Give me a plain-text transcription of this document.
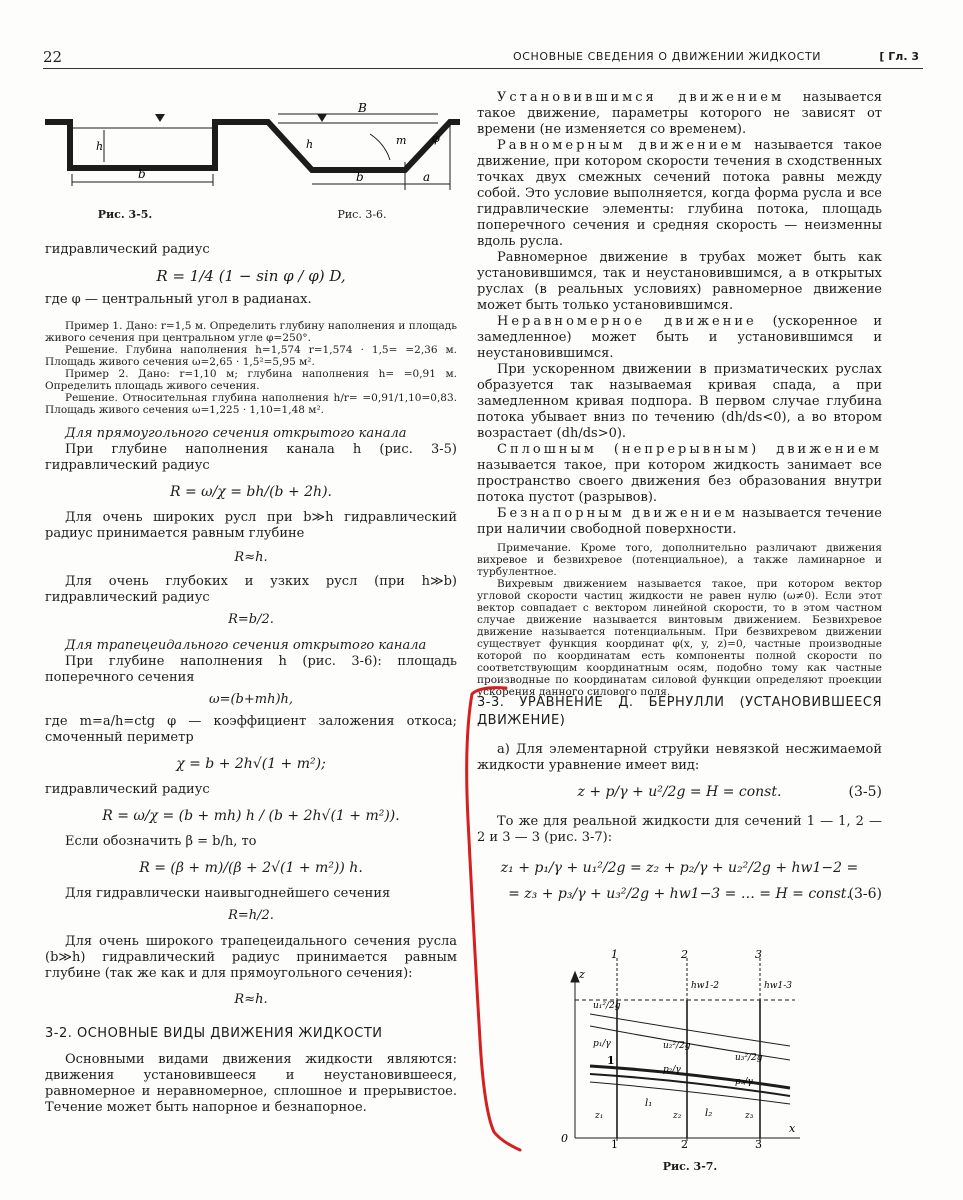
22	ОСНОВНЫЕ СВЕДЕНИЯ О ДВИЖЕНИИ ЖИДКОСТИ	[ Гл. 3
h
b
B
h	m φ
b	a
Рис. 3-5.	Рис. 3-6.

гидравлический радиус

R = 1/4 (1 − sin φ / φ) D,

где φ — центральный угол в радианах.

Пример 1. Дано: r=1,5 м. Определить глубину наполнения и площадь живого сечения при центральном угле φ=250°.

Решение. Глубина наполнения h=1,574 r=1,574 · 1,5= =2,36 м. Площадь живого сечения ω=2,65 · 1,5²=5,95 м².

Пример 2. Дано: r=1,10 м; глубина наполнения h= =0,91 м. Определить площадь живого сечения.

Решение. Относительная глубина наполнения h/r= =0,91/1,10=0,83. Площадь живого сечения ω=1,225 · 1,10=1,48 м².

Для прямоугольного сечения открытого канала

При глубине наполнения канала h (рис. 3-5) гидравлический радиус

R = ω/χ = bh/(b + 2h).

Для очень широких русл при b≫h гидравлический радиус принимается равным глубине

R≈h.

Для очень глубоких и узких русл (при h≫b) гидравлический радиус

R=b/2.

Для трапецеидального сечения открытого канала

При глубине наполнения h (рис. 3-6): площадь поперечного сечения

ω=(b+mh)h,

где m=a/h=ctg φ — коэффициент заложения откоса; смоченный периметр

χ = b + 2h√(1 + m²);

гидравлический радиус

R = ω/χ = (b + mh) h / (b + 2h√(1 + m²)).

Если обозначить β = b/h, то

R = (β + m)/(β + 2√(1 + m²)) h.

Для гидравлически наивыгоднейшего сечения

R=h/2.

Для очень широкого трапецеидального сечения русла (b≫h) гидравлический радиус принимается равным глубине (так же как и для прямоугольного сечения):

R≈h.

3-2. ОСНОВНЫЕ ВИДЫ ДВИЖЕНИЯ ЖИДКОСТИ

Основными видами движения жидкости являются: движения установившееся и неустановившееся, равномерное и неравномерное, сплошное и прерывистое. Течение может быть напорное и безнапорное.

Установившимся движением называется такое движение, параметры которого не зависят от времени (не изменяется со временем).

Равномерным движением называется такое движение, при котором скорости течения в сходственных точках двух смежных сечений потока равны между собой. Это условие выполняется, когда форма русла и все гидравлические элементы: глубина потока, площадь поперечного сечения и средняя скорость — неизменны вдоль русла.

Равномерное движение в трубах может быть как установившимся, так и неустановившимся, а в открытых руслах (в реальных условиях) равномерное движение может быть только установившимся.

Неравномерное движение (ускоренное и замедленное) может быть и установившимся и неустановившимся.

При ускоренном движении в призматических руслах образуется так называемая кривая спада, а при замедленном кривая подпора. В первом случае глубина потока убывает вниз по течению (dh/ds<0), а во втором возрастает (dh/ds>0).

Сплошным (непрерывным) движением называется такое, при котором жидкость занимает все пространство своего движения без образования внутри потока пустот (разрывов).

Безнапорным движением называется течение при наличии свободной поверхности.

Примечание. Кроме того, дополнительно различают движения вихревое и безвихревое (потенциальное), а также ламинарное и турбулентное.

Вихревым движением называется такое, при котором вектор угловой скорости частиц жидкости не равен нулю (ω≠0). Если этот вектор совпадает с вектором линейной скорости, то в этом частном случае движение называется винтовым движением. Безвихревое движение называется потенциальным. При безвихревом движении существует функция координат φ(x, y, z)=0, частные производные которой по координатам есть компоненты полной скорости по соответствующим координатным осям, подобно тому как частные производные по координатам силовой функции определяют проекции ускорения данного силового поля.

3-3. УРАВНЕНИЕ Д. БЕРНУЛЛИ (УСТАНОВИВШЕЕСЯ ДВИЖЕНИЕ)

а) Для элементарной струйки невязкой несжимаемой жидкости уравнение имеет вид:

z + p/γ + u²/2g = H = const.	(3-5)

То же для реальной жидкости для сечений 1 — 1, 2 — 2 и 3 — 3 (рис. 3-7):

z₁ + p₁/γ + u₁²/2g = z₂ + p₂/γ + u₂²/2g + hw1−2 =

= z₃ + p₃/γ + u₃²/2g + hw1−3 = … = H = const.
(3-6)
z
x
0
1	2	3
1
1	2	3
u₁²/2g
u₂²/2g
u₃²/2g
p₁/γ
p₂/γ
p₃/γ
hw1-2	hw1-3
z₁	z₂	z₃
l₁
l₂
Рис. 3-7.
